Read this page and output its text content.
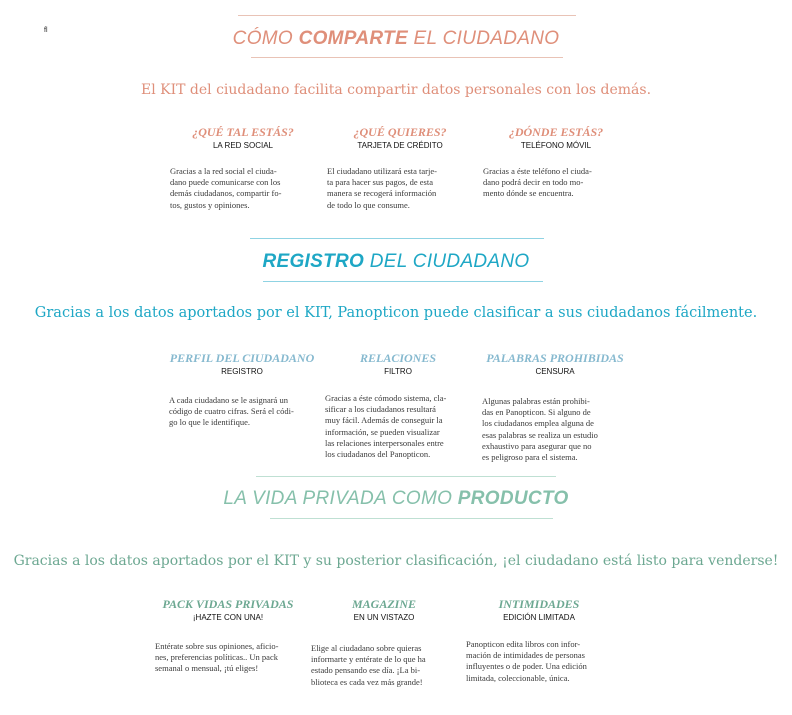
fl	CÓMO COMPARTE EL CIUDADANO
El KIT del ciudadano facilita compartir datos personales con los demás.
¿QUÉ TAL ESTÁS?
LA RED SOCIAL
Gracias a la red social el ciuda-
dano puede comunicarse con los
demás ciudadanos, compartir fo-
tos, gustos y opiniones.
¿QUÉ QUIERES?
TARJETA DE CRÉDITO
El ciudadano utilizará esta tarje-
ta para hacer sus pagos, de esta
manera se recogerá información
de todo lo que consume.
¿DÓNDE ESTÁS?
TELÉFONO MÓVIL
Gracias a éste teléfono el ciuda-
dano podrá decir en todo mo-
mento dónde se encuentra.
REGISTRO DEL CIUDADANO
Gracias a los datos aportados por el KIT, Panopticon puede clasificar a sus ciudadanos fácilmente.
PERFIL DEL CIUDADANO
REGISTRO
A cada ciudadano se le asignará un
código de cuatro cifras. Será el códi-
go lo que le identifique.
RELACIONES
FILTRO
Gracias a éste cómodo sistema, cla-
sificar a los ciudadanos resultará
muy fácil. Además de conseguir la
información, se pueden visualizar
las relaciones interpersonales entre
los ciudadanos del Panopticon.
PALABRAS PROHIBIDAS
CENSURA
Algunas palabras están prohibi-
das en Panopticon. Si alguno de
los ciudadanos emplea alguna de
esas palabras se realiza un estudio
exhaustivo para asegurar que no
es peligroso para el sistema.
LA VIDA PRIVADA COMO PRODUCTO
Gracias a los datos aportados por el KIT y su posterior clasificación, ¡el ciudadano está listo para venderse!
PACK VIDAS PRIVADAS
¡HAZTE CON UNA!
Entérate sobre sus opiniones, aficio-
nes, preferencias políticas.. Un pack
semanal o mensual, ¡tú eliges!
MAGAZINE
EN UN VISTAZO
Elige al ciudadano sobre quieras
informarte y entérate de lo que ha
estado pensando ese día. ¡La bi-
blioteca es cada vez más grande!
INTIMIDADES
EDICIÓN LIMITADA
Panopticon edita libros con infor-
mación de intimidades de personas
influyentes o de poder. Una edición
limitada, coleccionable, única.
